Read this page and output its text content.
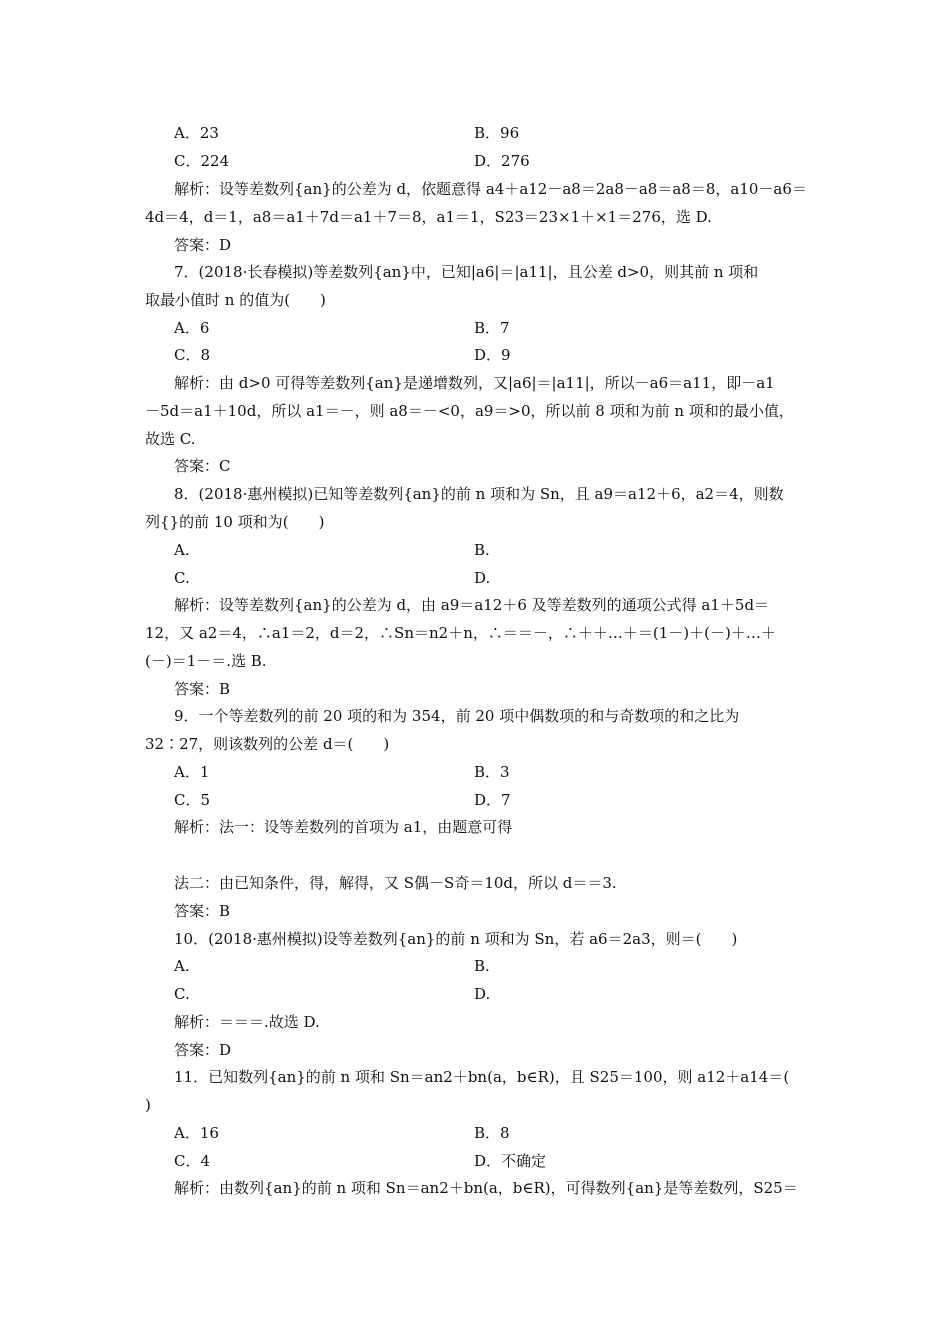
A．23	B．96
C．224	D．276
解析：设等差数列{an}的公差为 d，依题意得 a4＋a12－a8＝2a8－a8＝a8＝8，a10－a6＝
4d＝4，d＝1，a8＝a1＋7d＝a1＋7＝8，a1＝1，S23＝23×1＋×1＝276，选 D.
答案：D
7．(2018·长春模拟)等差数列{an}中，已知|a6|＝|a11|，且公差 d>0，则其前 n 项和
取最小值时 n 的值为(　　)
A．6	B．7
C．8	D．9
解析：由 d>0 可得等差数列{an}是递增数列，又|a6|＝|a11|，所以－a6＝a11，即－a1
－5d＝a1＋10d，所以 a1＝－，则 a8＝－<0，a9＝>0，所以前 8 项和为前 n 项和的最小值，
故选 C.
答案：C
8．(2018·惠州模拟)已知等差数列{an}的前 n 项和为 Sn，且 a9＝a12＋6，a2＝4，则数
列{}的前 10 项和为(　　)
A.	B.
C.	D.
解析：设等差数列{an}的公差为 d，由 a9＝a12＋6 及等差数列的通项公式得 a1＋5d＝
12，又 a2＝4，∴a1＝2，d＝2，∴Sn＝n2＋n，∴＝＝－，∴＋＋…＋＝(1－)＋(－)＋…＋
(－)＝1－＝.选 B.
答案：B
9．一个等差数列的前 20 项的和为 354，前 20 项中偶数项的和与奇数项的和之比为
32∶27，则该数列的公差 d＝(　　)
A．1	B．3
C．5	D．7
解析：法一：设等差数列的首项为 a1，由题意可得
法二：由已知条件，得，解得，又 S偶－S奇＝10d，所以 d＝＝3.
答案：B
10．(2018·惠州模拟)设等差数列{an}的前 n 项和为 Sn，若 a6＝2a3，则＝(　　)
A.	B.
C.	D.
解析：＝＝＝.故选 D.
答案：D
11．已知数列{an}的前 n 项和 Sn＝an2＋bn(a，b∈R)，且 S25＝100，则 a12＋a14＝(
)
A．16	B．8
C．4	D．不确定
解析：由数列{an}的前 n 项和 Sn＝an2＋bn(a，b∈R)，可得数列{an}是等差数列，S25＝
